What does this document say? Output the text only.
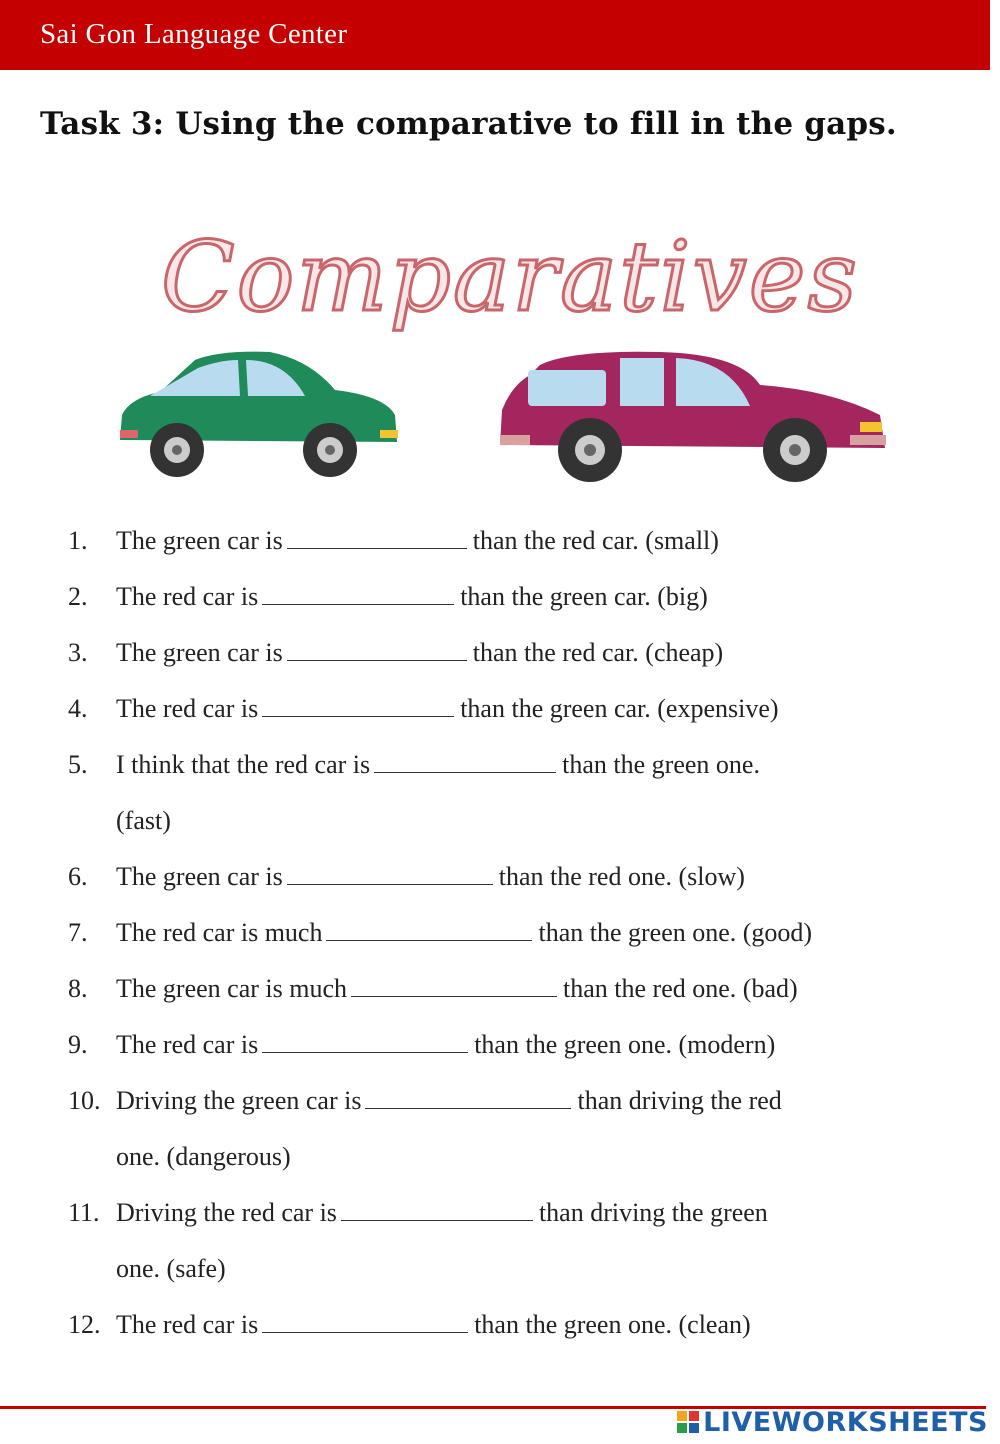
Sai Gon Language Center
Task 3: Using the comparative to fill in the gaps.
Comparatives
1.	The green car is	than the red car. (small)
2.	The red car is	than the green car. (big)
3.	The green car is	than the red car. (cheap)
4.	The red car is	than the green car. (expensive)
5.	I think that the red car is	than the green one.
(fast)
6.	The green car is	than the red one. (slow)
7.	The red car is much	than the green one. (good)
8.	The green car is much	than the red one. (bad)
9.	The red car is	than the green one. (modern)
10. Driving the green car is	than driving the red
one. (dangerous)
11. Driving the red car is	than driving the green
one. (safe)
12. The red car is	than the green one. (clean)
LIVEWORKSHEETS
